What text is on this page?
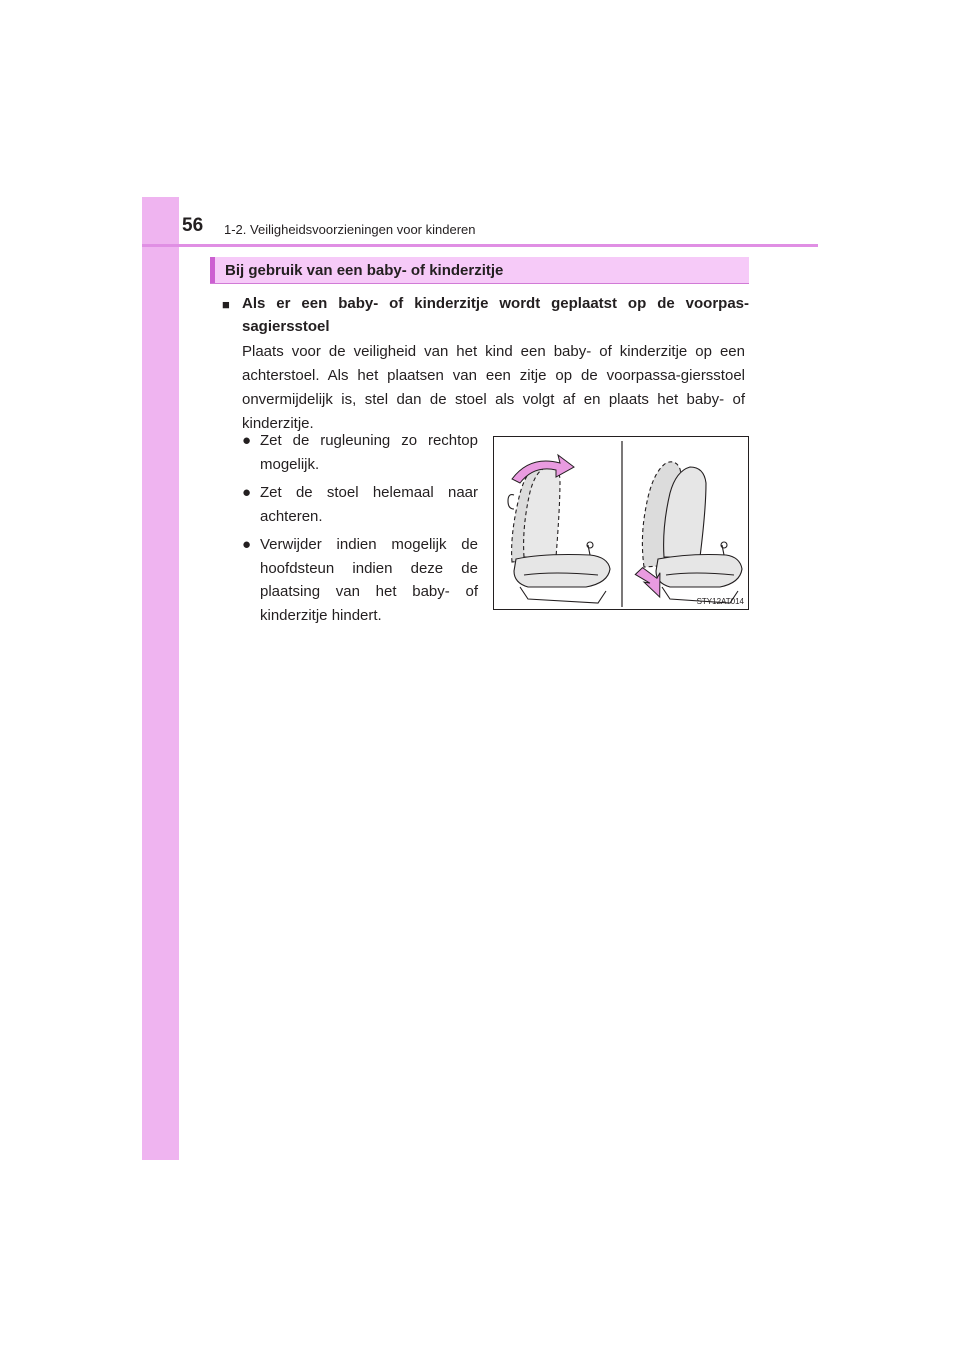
56 1-2. Veiligheidsvoorzieningen voor kinderen
Bij gebruik van een baby- of kinderzitje
■ Als er een baby- of kinderzitje wordt geplaatst op de voorpas-sagiersstoel
Plaats voor de veiligheid van het kind een baby- of kinderzitje op een achterstoel. Als het plaatsen van een zitje op de voorpassa-giersstoel onvermijdelijk is, stel dan de stoel als volgt af en plaats het baby- of kinderzitje.
● Zet de rugleuning zo rechtop mogelijk.
● Zet de stoel helemaal naar achteren.
● Verwijder indien mogelijk de hoofdsteun indien deze de plaatsing van het baby- of kinderzitje hindert.
STY12AT014
